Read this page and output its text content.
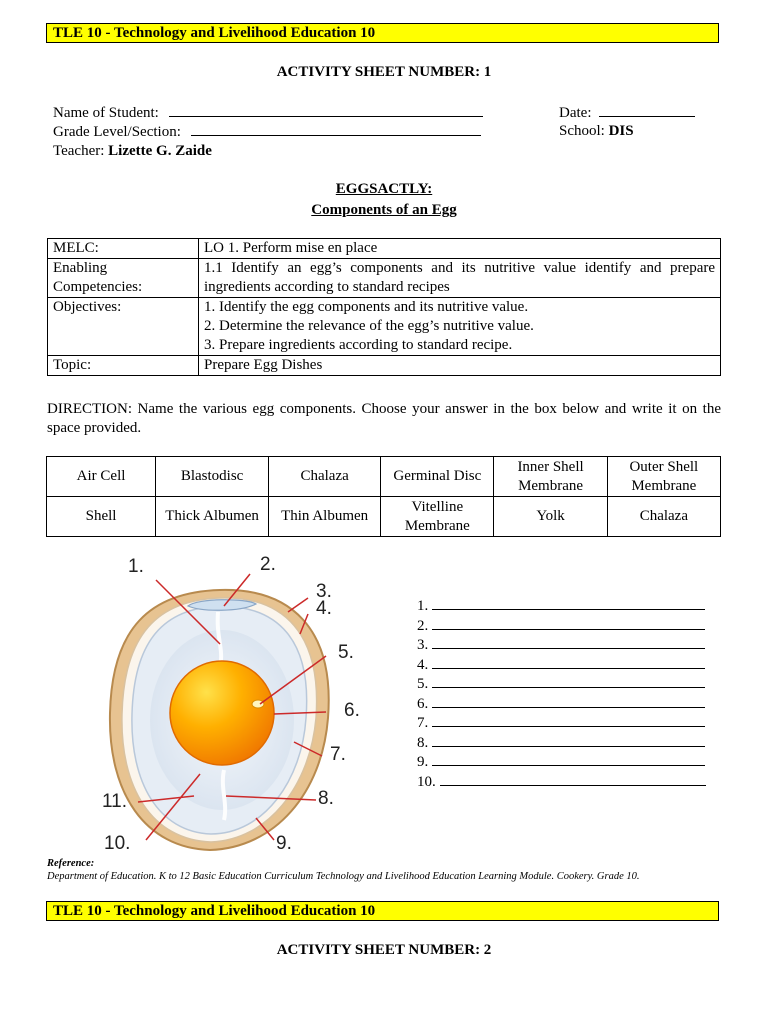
TLE 10 - Technology and Livelihood Education 10
ACTIVITY SHEET NUMBER: 1
Name of Student:
Grade Level/Section:
Teacher: Lizette G. Zaide
Date:
School: DIS
EGGSACTLY:
Components of an Egg
MELC:	LO 1. Perform mise en place
Enabling Competencies:	1.1 Identify an egg’s components and its nutritive value identify and prepare ingredients according to standard recipes
Objectives:	1. Identify the egg components and its nutritive value.
2. Determine the relevance of the egg’s nutritive value.
3. Prepare ingredients according to standard recipe.

Topic:	Prepare Egg Dishes
DIRECTION: Name the various egg components. Choose your answer in the box below and write it on the space provided.
Air Cell	Blastodisc	Chalaza	Germinal Disc	Inner Shell Membrane	Outer Shell Membrane
Shell	Thick Albumen	Thin Albumen	Vitelline Membrane	Yolk	Chalaza
1.	2.
3.
4.
5.
6.
7.
8.
9.
10.
11.
1.
2.
3.
4.
5.
6.
7.
8.
9.
10.
Reference:
Department of Education. K to 12 Basic Education Curriculum Technology and Livelihood Education Learning Module. Cookery. Grade 10.
TLE 10 - Technology and Livelihood Education 10
ACTIVITY SHEET NUMBER: 2
